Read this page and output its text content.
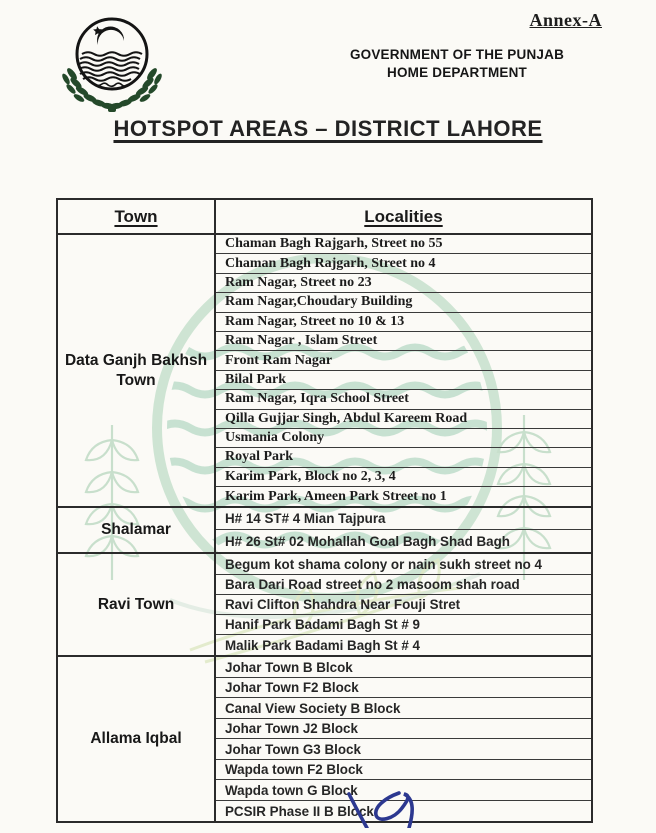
Annex-A
GOVERNMENT OF THE PUNJAB
HOME DEPARTMENT
HOTSPOT AREAS – DISTRICT LAHORE
Town	Localities
Data Ganjh Bakhsh Town
Chaman Bagh Rajgarh, Street no 55
Chaman Bagh Rajgarh, Street no 4
Ram Nagar, Street no 23
Ram Nagar,Choudary Building
Ram Nagar, Street no 10 & 13
Ram Nagar , Islam Street
Front Ram Nagar
Bilal Park
Ram Nagar, Iqra School Street
Qilla Gujjar Singh, Abdul Kareem Road
Usmania Colony
Royal Park
Karim Park, Block no 2, 3, 4
Karim Park, Ameen Park Street no 1
Shalamar
H# 14 ST# 4 Mian Tajpura
H# 26 St# 02 Mohallah Goal Bagh Shad Bagh
Ravi Town
Begum kot shama colony or nain sukh street no 4
Bara Dari Road street no 2 masoom shah road
Ravi Clifton Shahdra Near Fouji Stret
Hanif Park Badami Bagh St # 9
Malik Park Badami Bagh St # 4
Allama Iqbal
Johar Town B Blcok
Johar Town F2 Block
Canal View Society B Block
Johar Town J2 Block
Johar Town G3 Block
Wapda town F2 Block
Wapda town G Block
PCSIR Phase II B Block
